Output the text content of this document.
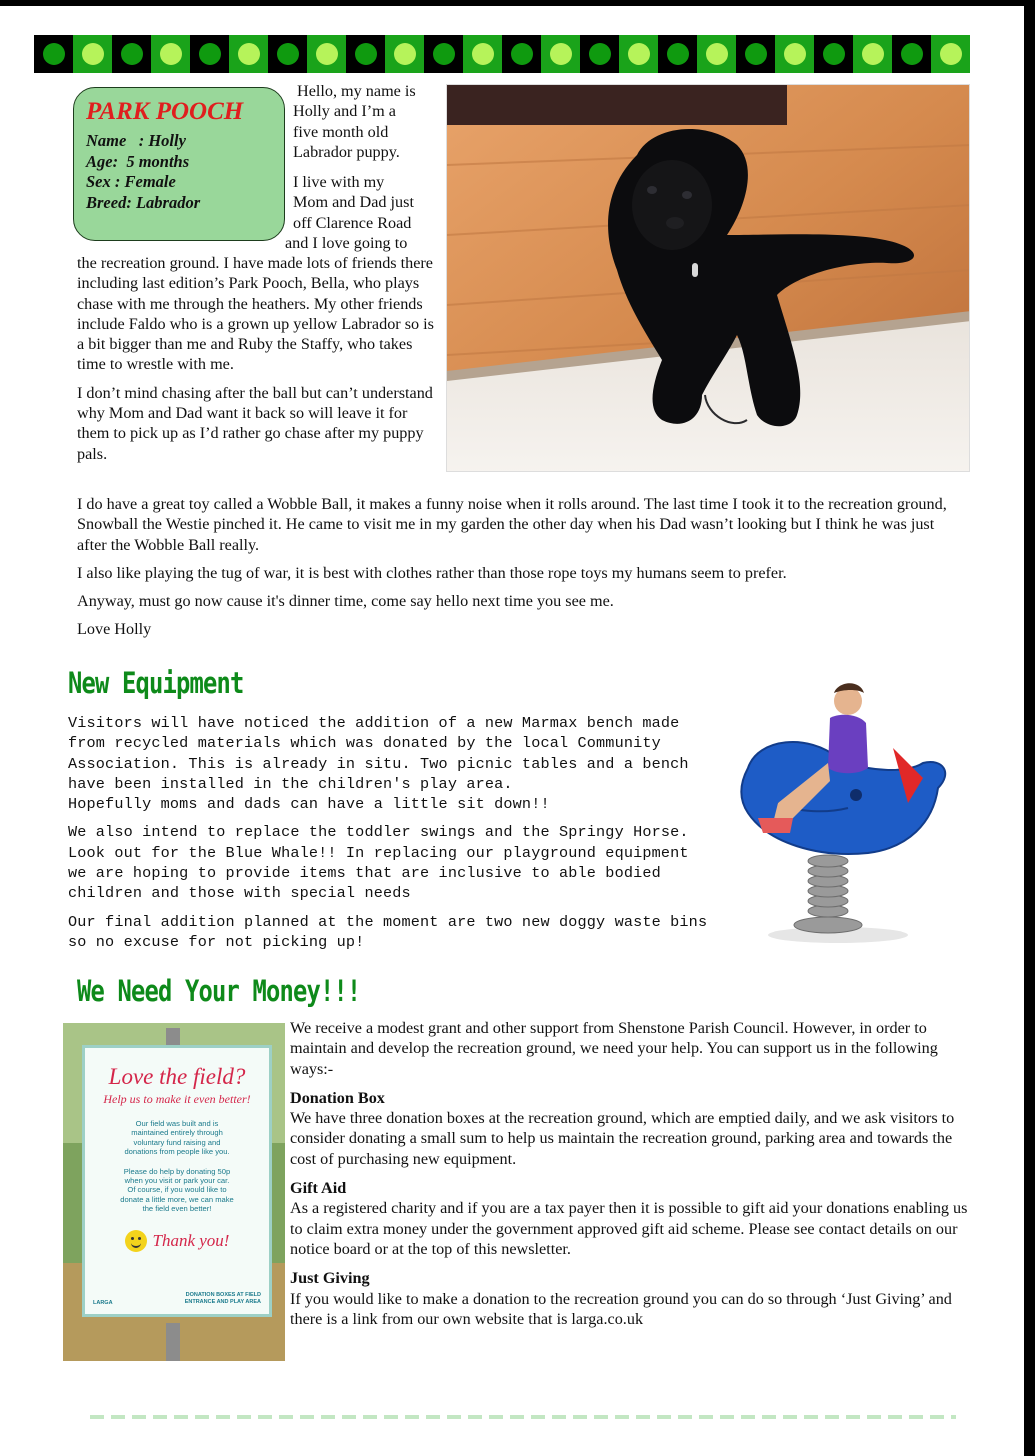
PARK POOCH
Name   : Holly
Age:  5 months
Sex : Female
Breed: Labrador
Hello, my name is
Holly and I’m a
five month old
Labrador puppy.
I live with my
Mom and Dad just
off Clarence Road
and I love going to

the recreation ground. I have made lots of friends there including last edition’s Park Pooch, Bella, who plays chase with me through the heathers. My other friends include Faldo who is a grown up yellow Labrador so is a bit bigger than me and Ruby the Staffy, who takes time to wrestle with me.

I don’t mind chasing after the ball but can’t understand why Mom and Dad want it back so will leave it for them to pick up as I’d rather go chase after my puppy pals.

I do have a great toy called a Wobble Ball, it makes a funny noise when it rolls around. The last time I took it to the recreation ground, Snowball the Westie pinched it. He came to visit me in my garden the other day when his Dad wasn’t looking but I think he was just after the Wobble Ball really.

I also like playing the tug of war, it is best with clothes rather than those rope toys my humans seem to prefer.

Anyway, must go now cause it's dinner time, come say hello next time you see me.

Love Holly

New Equipment

Visitors will have noticed the addition of a new Marmax bench made from recycled materials which was donated by the local Community Association. This is already in situ. Two picnic tables and a bench have been installed in the children's play area.

Hopefully moms and dads can have a little sit down!!

We also intend to replace the toddler swings and the Springy Horse. Look out for the Blue Whale!! In replacing our playground equipment we are hoping to provide items that are inclusive to able bodied children and those with special needs

Our final addition planned at the moment are two new doggy waste bins so no excuse for not picking up!

We Need Your Money!!!
Love the field?
Help us to make it even better!
Our field was built and is
maintained entirely through
voluntary fund raising and
donations from people like you.
Please do help by donating 50p
when you visit or park your car.
Of course, if you would like to
donate a little more, we can make
the field even better!
Thank you!
LARGA
DONATION BOXES AT FIELD
ENTRANCE AND PLAY AREA

We receive a modest grant and other support from Shenstone Parish Council. However, in order to maintain and develop the recreation ground, we need your help. You can support us in the following ways:-

Donation Box

We have three donation boxes at the recreation ground, which are emptied daily, and we ask visitors to consider donating a small sum to help us maintain the recreation ground, parking area and towards the cost of purchasing new equipment.

Gift Aid

As a registered charity and if you are a tax payer then it is possible to gift aid your donations enabling us to claim extra money under the government approved gift aid scheme. Please see contact details on our notice board or at the top of this newsletter.

Just Giving

If you would like to make a donation to the recreation ground you can do so through ‘Just Giving’ and there is a link from our own website that is larga.co.uk
